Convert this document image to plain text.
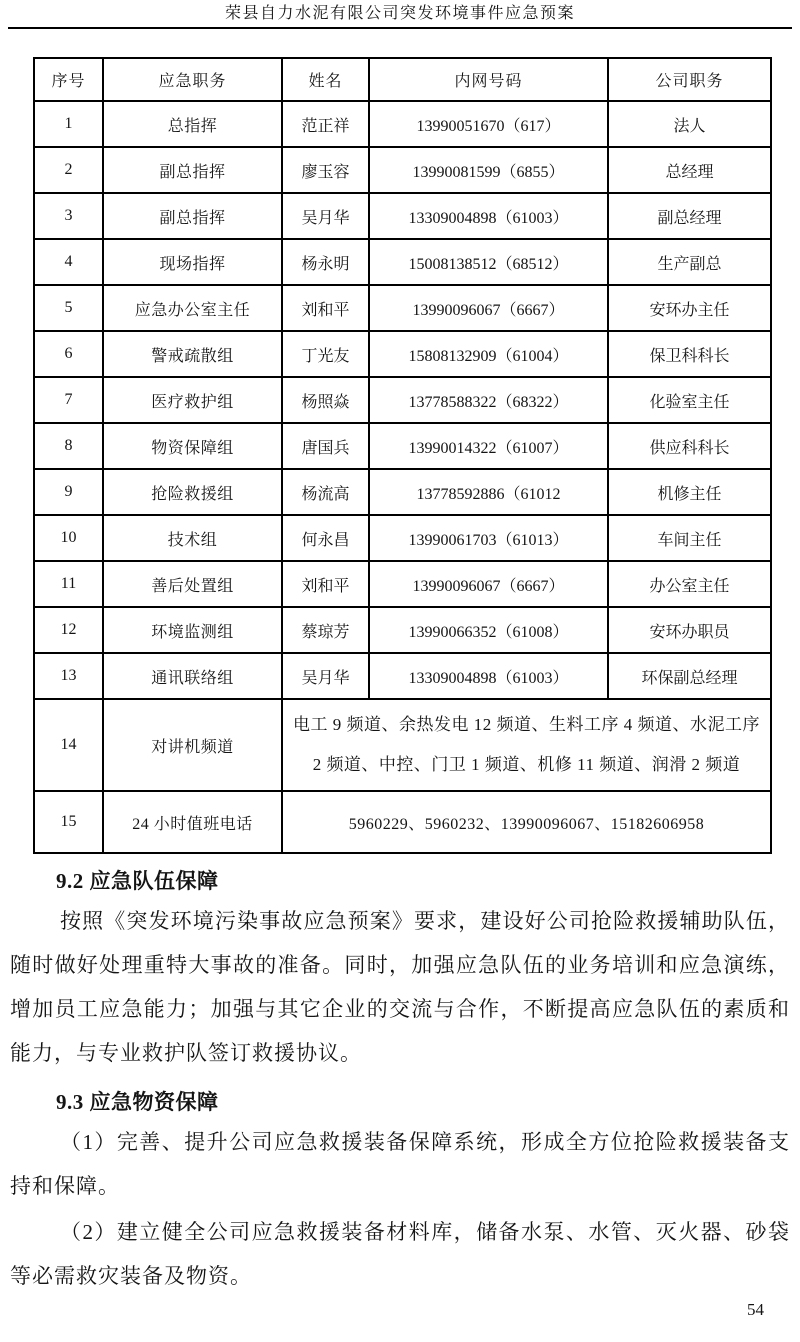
荣县自力水泥有限公司突发环境事件应急预案
序号	应急职务	姓名	内网号码	公司职务
1	总指挥	范正祥	13990051670（617）	法人
2	副总指挥	廖玉容	13990081599（6855）	总经理
3	副总指挥	吴月华	13309004898（61003）	副总经理
4	现场指挥	杨永明	15008138512（68512）	生产副总
5	应急办公室主任	刘和平	13990096067（6667）	安环办主任
6	警戒疏散组	丁光友	15808132909（61004）	保卫科科长
7	医疗救护组	杨照焱	13778588322（68322）	化验室主任
8	物资保障组	唐国兵	13990014322（61007）	供应科科长
9	抢险救援组	杨流高	13778592886（61012	机修主任
10	技术组	何永昌	13990061703（61013）	车间主任
11	善后处置组	刘和平	13990096067（6667）	办公室主任
12	环境监测组	蔡琼芳	13990066352（61008）	安环办职员
13	通讯联络组	吴月华	13309004898（61003）	环保副总经理
14	对讲机频道	电工 9 频道、余热发电 12 频道、生料工序 4 频道、水泥工序
2 频道、中控、门卫 1 频道、机修 11 频道、润滑 2 频道		

15	24 小时值班电话	5960229、5960232、13990096067、15182606958		
9.2 应急队伍保障
按照《突发环境污染事故应急预案》要求，建设好公司抢险救援辅助队伍，随时做好处理重特大事故的准备。同时，加强应急队伍的业务培训和应急演练，增加员工应急能力；加强与其它企业的交流与合作，不断提高应急队伍的素质和能力，与专业救护队签订救援协议。
9.3 应急物资保障
（1）完善、提升公司应急救援装备保障系统，形成全方位抢险救援装备支持和保障。
（2）建立健全公司应急救援装备材料库，储备水泵、水管、灭火器、砂袋等必需救灾装备及物资。
54
